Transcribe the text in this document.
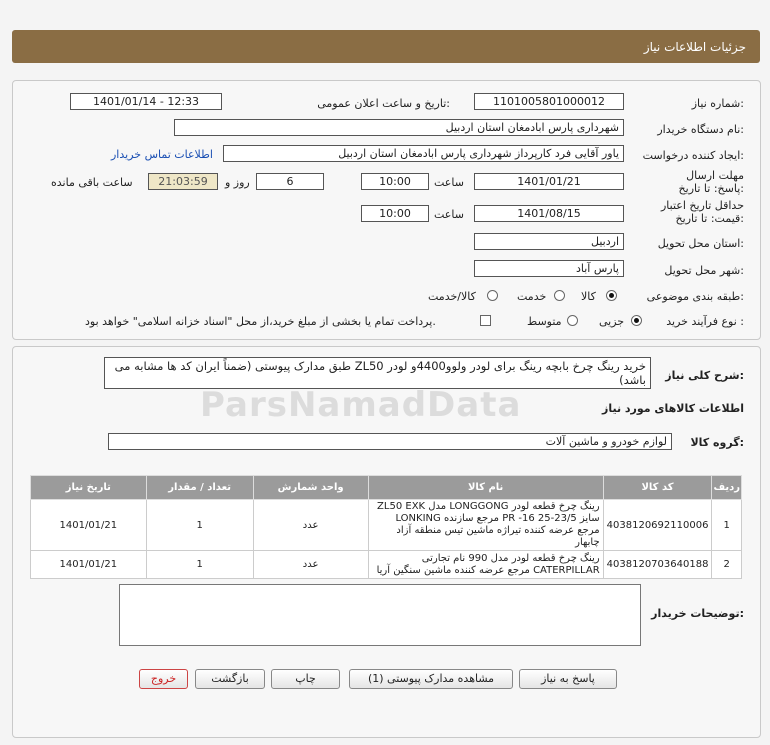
جزئیات اطلاعات نیاز
شماره نیاز:
1101005801000012
تاریخ و ساعت اعلان عمومی:
1401/01/14 - 12:33
نام دستگاه خریدار:
شهرداری پارس ابادمغان استان اردبیل
ایجاد کننده درخواست:
یاور آقایی فرد کارپرداز شهرداری پارس ابادمغان استان اردبیل
اطلاعات تماس خریدار
مهلت ارسال پاسخ: تا تاریخ:
1401/01/21
ساعت
10:00
6
روز و
21:03:59
ساعت باقی مانده
حداقل تاریخ اعتبار قیمت: تا تاریخ:
1401/08/15
ساعت
10:00
استان محل تحویل:
اردبیل
شهر محل تحویل:
پارس آباد
طبقه بندی موضوعی:
کالا
خدمت
کالا/خدمت
نوع فرآیند خرید :
جزیی
متوسط
پرداخت تمام یا بخشی از مبلغ خرید،از محل "اسناد خزانه اسلامی" خواهد بود.
شرح کلی نیاز:
خرید رینگ چرخ بابچه رینگ برای لودر ولوو4400و لودر ZL50 طبق مدارک پیوستی (ضمناً ایران کد ها مشابه می باشد)
اطلاعات کالاهای مورد نیاز
گروه کالا:
لوازم خودرو و ماشین آلات
ردیف	کد کالا	نام کالا	واحد شمارش	تعداد / مقدار	تاریخ نیاز
1	4038120692110006	رینگ چرخ قطعه لودر LONGGONG مدل ZL50 EXK سایز 23/5-25 16- PR مرجع سازنده LONKING مرجع عرضه کننده تیراژه ماشین تیس منطقه آزاد چابهار	عدد	1	1401/01/21
2	4038120703640188	رینگ چرخ قطعه لودر مدل 990 نام تجارتی CATERPILLAR مرجع عرضه کننده ماشین سنگین آریا	عدد	1	1401/01/21
توضیحات خریدار:
پاسخ به نیاز
مشاهده مدارک پیوستی (1)
چاپ
بازگشت
خروج
ParsNamadData
